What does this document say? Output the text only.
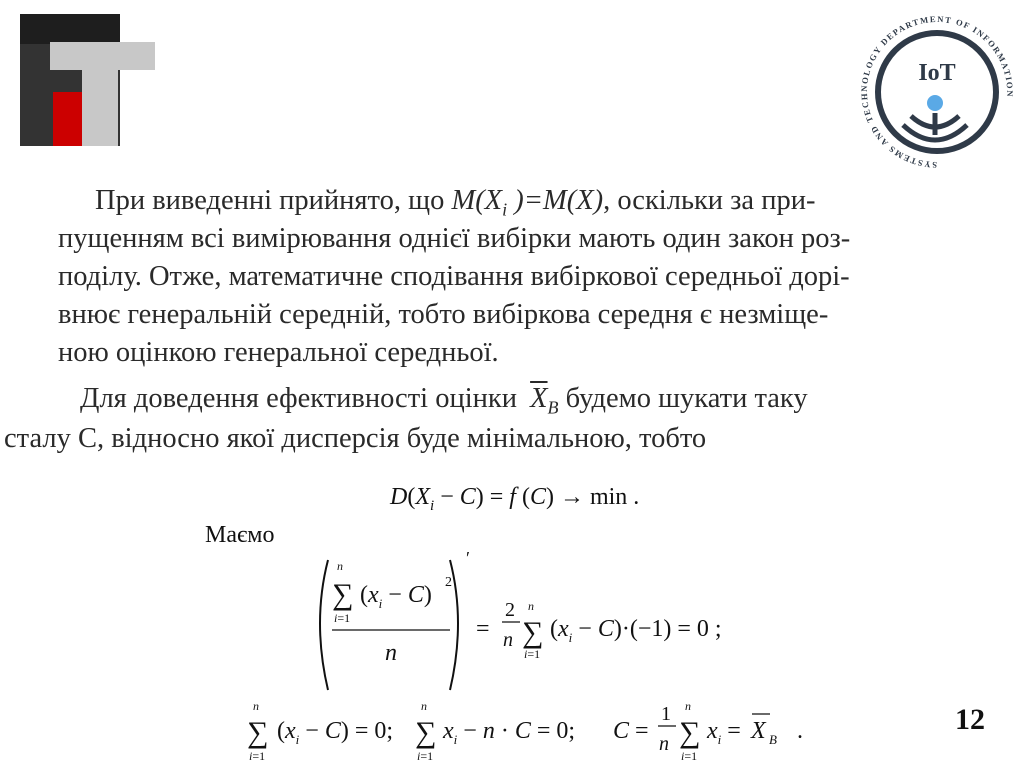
SYSTEMS AND TECHNOLOGY DEPARTMENT OF INFORMATION
IoT
При виведенні прийнято, що $M(X_i$ )=M(X), оскільки за при-
пущенням всі вимірювання однієї вибірки мають один закон роз-
поділу. Отже, математичне сподівання вибіркової середньої дорі-
внює генеральній середній, тобто вибіркова середня є незміще-
ною оцінкою генеральної середньої.
Для доведення ефективності оцінки $\overline{X}_B$ будемо шукати таку
сталу С, відносно якої дисперсія буде мінімальною, тобто
$D(X_i - C) = f$ (C) → min .
Маємо
′
∑
n
i=1
$(x_i - C)$ 2
n
=
2
n ∑
n
i=1
$(x_i - C)\cdot(-1) = 0$ ;
∑
n
i=1
$(x_i - C) = 0$; ∑
n
i=1
$x_i - n \cdot C = 0$; C =
1
n ∑
n
i=1
$x_i = X$ B .	12
